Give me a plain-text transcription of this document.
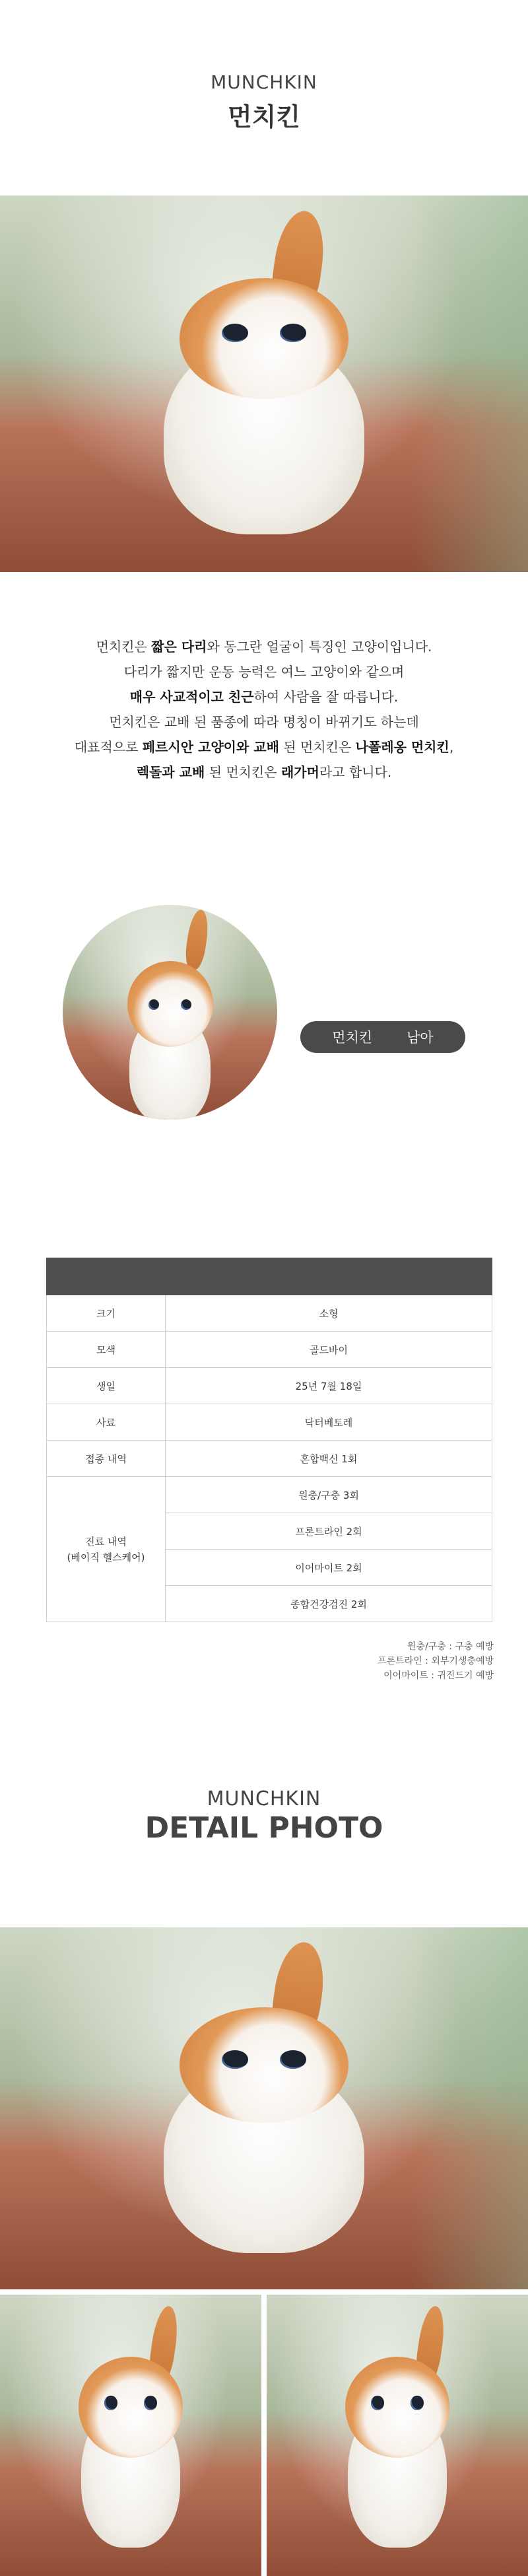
MUNCHKIN
먼치킨
먼치킨은 짧은 다리와 동그란 얼굴이 특징인 고양이입니다.
다리가 짧지만 운동 능력은 여느 고양이와 같으며
매우 사교적이고 친근하여 사람을 잘 따릅니다.
먼치킨은 교배 된 품종에 따라 명칭이 바뀌기도 하는데
대표적으로 페르시안 고양이와 교배 된 먼치킨은 나폴레옹 먼치킨,
렉돌과 교배 된 먼치킨은 래가머라고 합니다.
먼치킨 남아

크기	소형
모색	골드바이
생일	25년 7월 18일
사료	닥터베토레
접종 내역	혼합백신 1회

진료 내역
(베이직 헬스케어)	원충/구충 3회
	프론트라인 2회
	이어마이트 2회
	종합건강검진 2회
원충/구충 : 구충 예방
프론트라인 : 외부기생충예방
이어마이트 : 귀진드기 예방
MUNCHKIN
DETAIL PHOTO
